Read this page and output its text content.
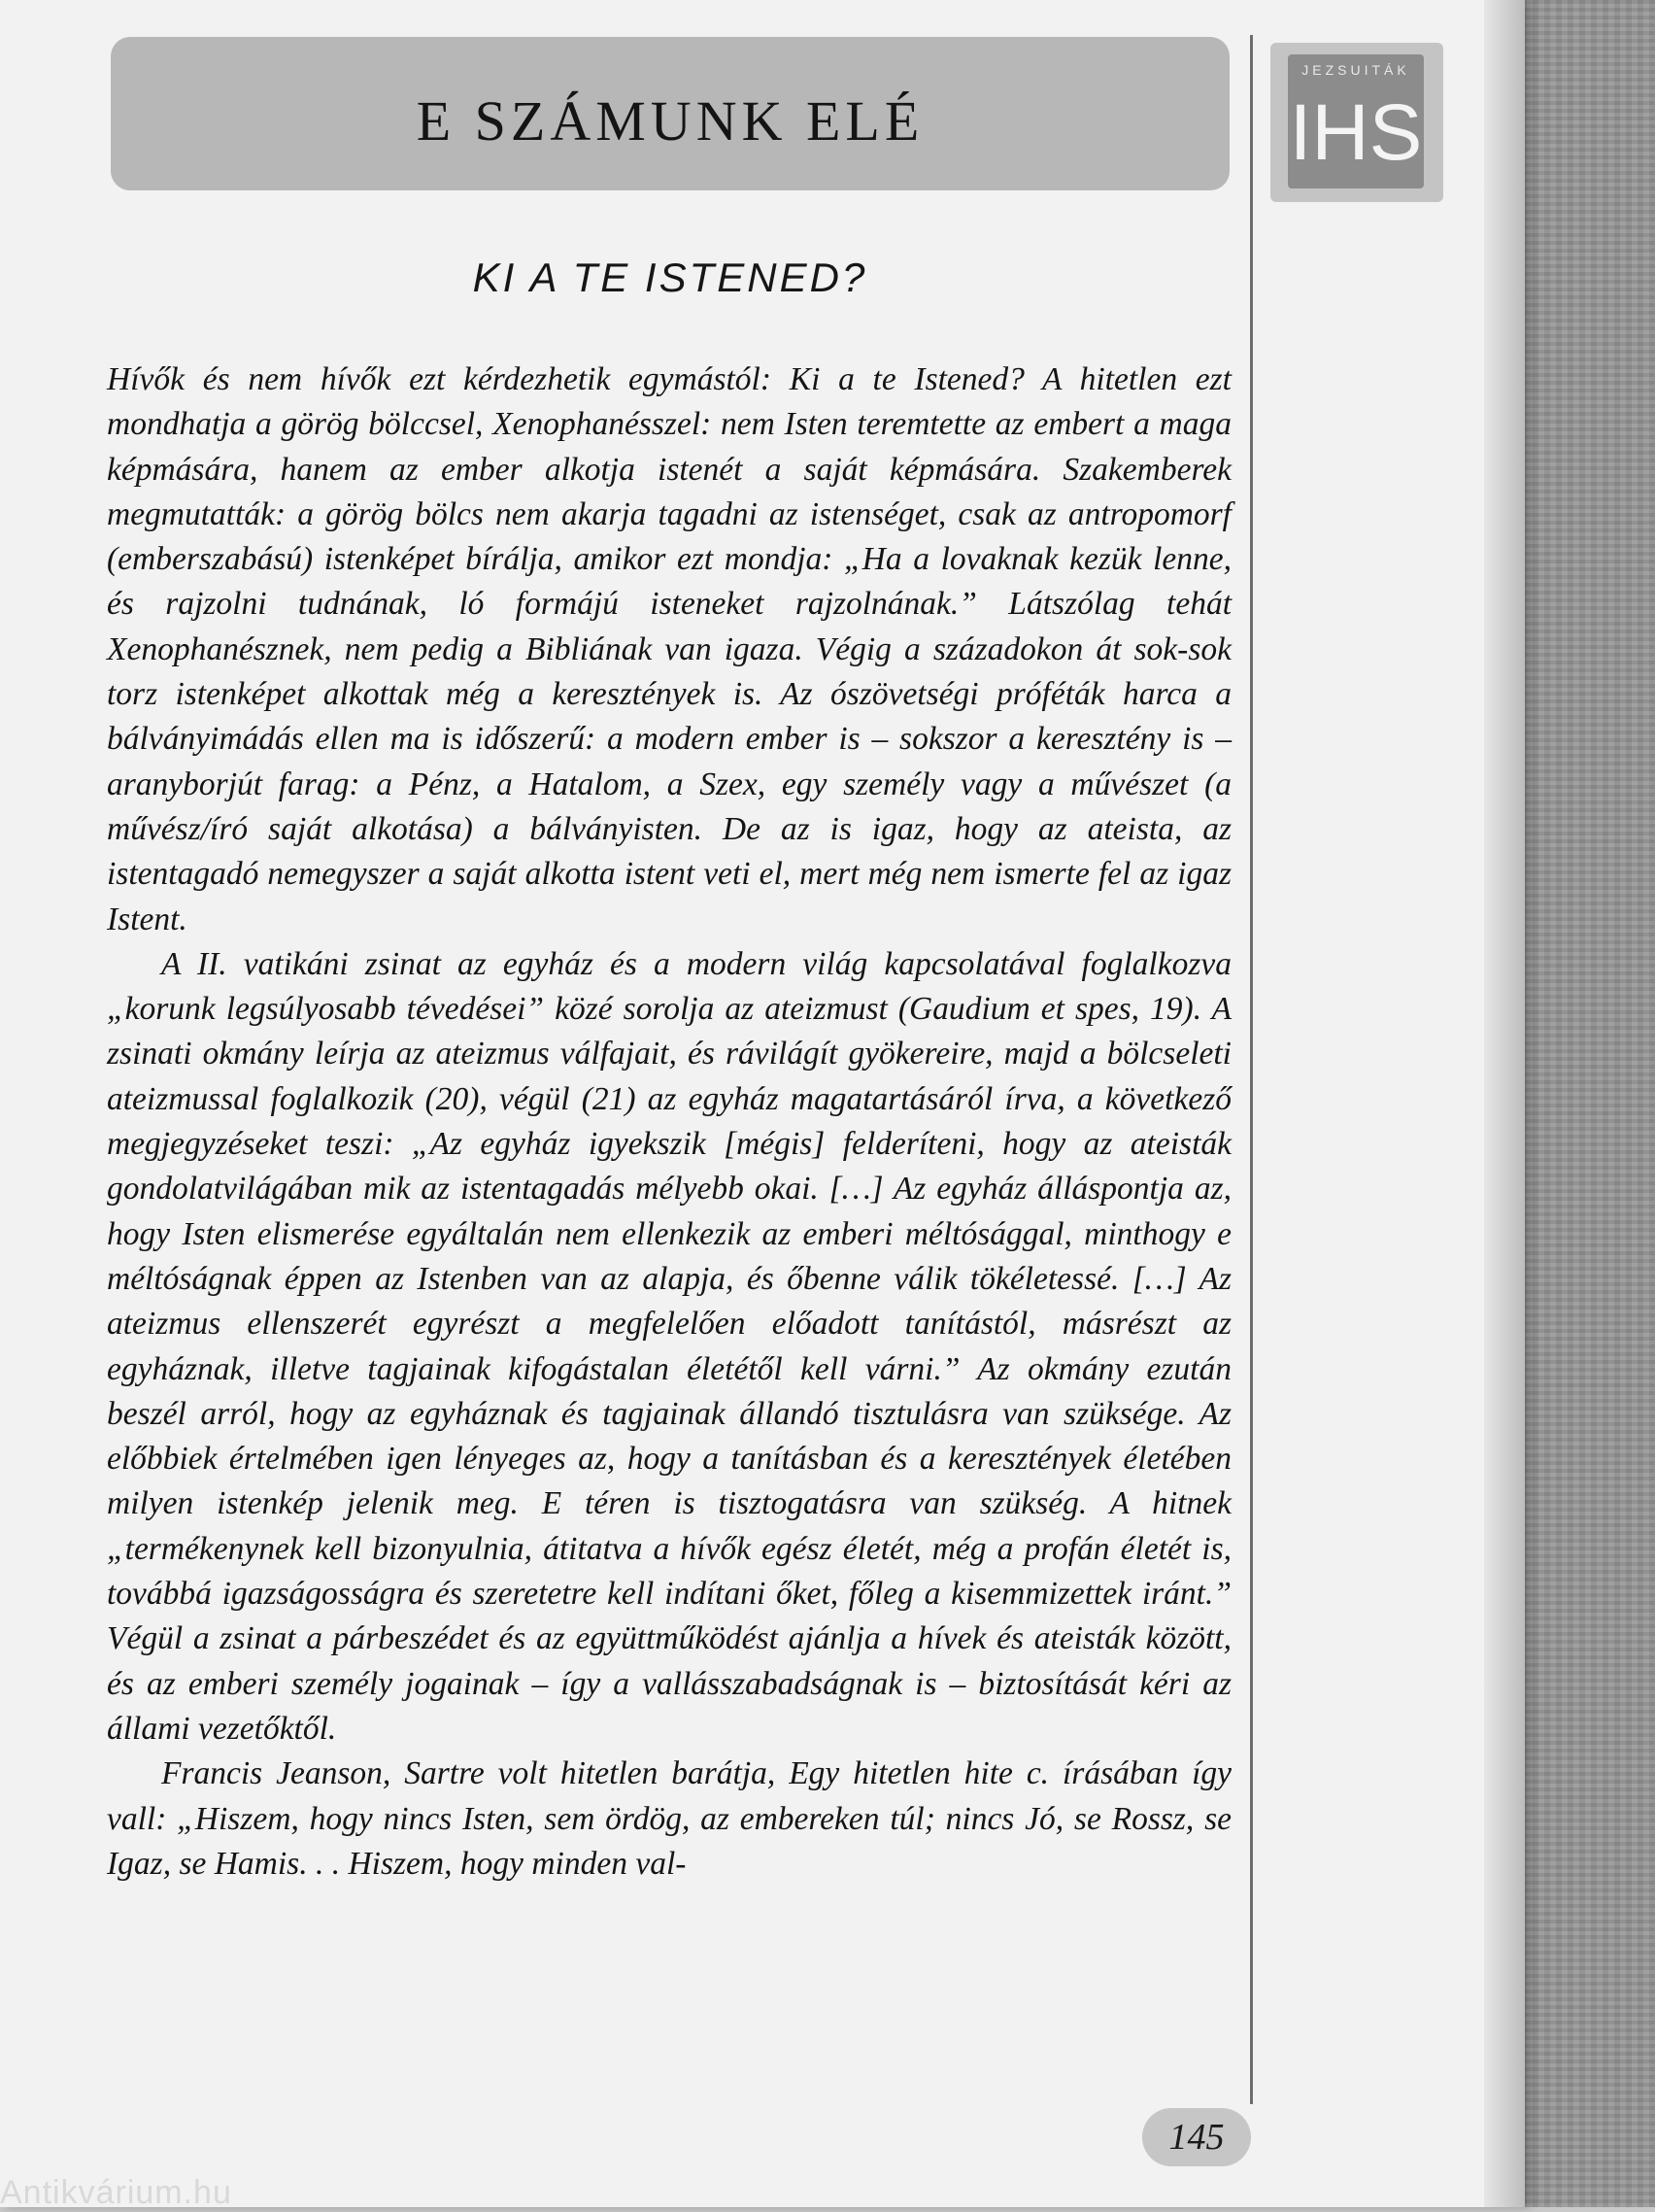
E SZÁMUNK ELÉ
JEZSUITÁK
IHS
KI A TE ISTENED?

Hívők és nem hívők ezt kérdezhetik egymástól: Ki a te Istened? A hitetlen ezt mondhatja a görög bölccsel, Xenophanésszel: nem Isten teremtette az embert a maga képmására, hanem az ember alkotja istenét a saját képmására. Szakemberek megmutatták: a görög bölcs nem akarja tagadni az istenséget, csak az antropomorf (emberszabású) istenképet bírálja, amikor ezt mondja: „Ha a lovaknak kezük lenne, és rajzolni tudnának, ló formájú isteneket rajzolnának.” Látszólag tehát Xenophanésznek, nem pedig a Bibliának van igaza. Végig a századokon át sok-sok torz istenképet alkottak még a keresztények is. Az ószövetségi próféták harca a bálványimádás ellen ma is időszerű: a modern ember is – sokszor a keresztény is – aranyborjút farag: a Pénz, a Hatalom, a Szex, egy személy vagy a művészet (a művész/író saját alkotása) a bálványisten. De az is igaz, hogy az ateista, az istentagadó nemegyszer a saját alkotta istent veti el, mert még nem ismerte fel az igaz Istent.

A II. vatikáni zsinat az egyház és a modern világ kapcsolatával foglalkozva „korunk legsúlyosabb tévedései” közé sorolja az ateizmust (Gaudium et spes, 19). A zsinati okmány leírja az ateizmus válfajait, és rávilágít gyökereire, majd a bölcseleti ateizmussal foglalkozik (20), végül (21) az egyház magatartásáról írva, a következő megjegyzéseket teszi: „Az egyház igyekszik [mégis] felderíteni, hogy az ateisták gondolatvilágában mik az istentagadás mélyebb okai. […] Az egyház álláspontja az, hogy Isten elismerése egyáltalán nem ellenkezik az emberi méltósággal, minthogy e méltóságnak éppen az Istenben van az alapja, és őbenne válik tökéletessé. […] Az ateizmus ellenszerét egyrészt a megfelelően előadott tanítástól, másrészt az egyháznak, illetve tagjainak kifogástalan életétől kell várni.” Az okmány ezután beszél arról, hogy az egyháznak és tagjainak állandó tisztulásra van szüksége. Az előbbiek értelmében igen lényeges az, hogy a tanításban és a keresztények életében milyen istenkép jelenik meg. E téren is tisztogatásra van szükség. A hitnek „termékenynek kell bizonyulnia, átitatva a hívők egész életét, még a profán életét is, továbbá igazságosságra és szeretetre kell indítani őket, főleg a kisemmizettek iránt.” Végül a zsinat a párbeszédet és az együttműködést ajánlja a hívek és ateisták között, és az emberi személy jogainak – így a vallásszabadságnak is – biztosítását kéri az állami vezetőktől.

Francis Jeanson, Sartre volt hitetlen barátja, Egy hitetlen hite c. írásában így vall: „Hiszem, hogy nincs Isten, sem ördög, az embereken túl; nincs Jó, se Rossz, se Igaz, se Hamis. . . Hiszem, hogy minden val-

145
Antikvárium.hu
